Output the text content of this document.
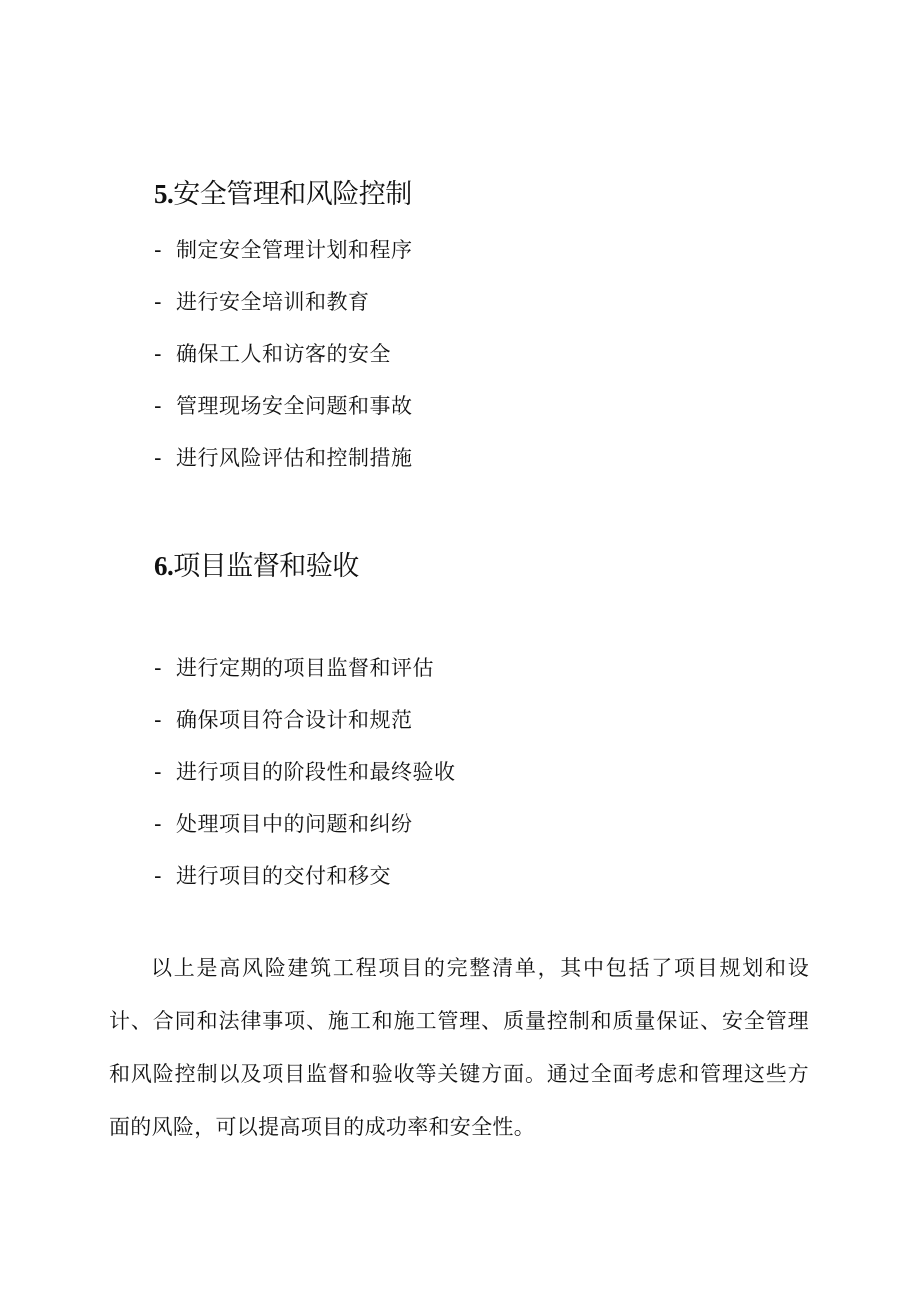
5.安全管理和风险控制
- 制定安全管理计划和程序
- 进行安全培训和教育
- 确保工人和访客的安全
- 管理现场安全问题和事故
- 进行风险评估和控制措施
6.项目监督和验收
- 进行定期的项目监督和评估
- 确保项目符合设计和规范
- 进行项目的阶段性和最终验收
- 处理项目中的问题和纠纷
- 进行项目的交付和移交

以上是高风险建筑工程项目的完整清单，其中包括了项目规划和设计、合同和法律事项、施工和施工管理、质量控制和质量保证、安全管理和风险控制以及项目监督和验收等关键方面。通过全面考虑和管理这些方面的风险，可以提高项目的成功率和安全性。
